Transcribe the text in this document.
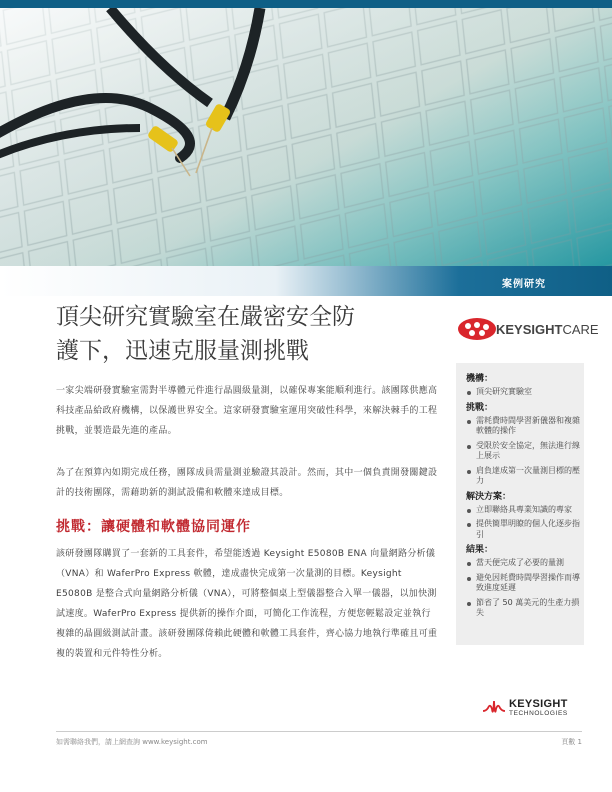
案例研究
頂尖研究實驗室在嚴密安全防
護下，迅速克服量測挑戰
KEYSIGHTCARE

一家尖端研發實驗室需對半導體元件進行晶圓級量測，以確保專案能順利進行。該團隊供應高科技產品給政府機構，以保護世界安全。這家研發實驗室運用突破性科學，來解決棘手的工程挑戰，並製造最先進的產品。

為了在預算內如期完成任務，團隊成員需量測並驗證其設計。然而，其中一個負責開發關鍵設計的技術團隊，需藉助新的測試設備和軟體來達成目標。

挑戰：讓硬體和軟體協同運作

該研發團隊購買了一套新的工具套件，希望能透過 Keysight E5080B ENA 向量網路分析儀（VNA）和 WaferPro Express 軟體，達成盡快完成第一次量測的目標。Keysight E5080B 是整合式向量網路分析儀（VNA），可將整個桌上型儀器整合入單一儀器，以加快測試速度。WaferPro Express 提供新的操作介面，可簡化工作流程，方便您輕鬆設定並執行複雜的晶圓級測試計畫。該研發團隊倚賴此硬體和軟體工具套件，齊心協力地執行準確且可重複的裝置和元件特性分析。

機構：
頂尖研究實驗室
挑戰：
需耗費時間學習新儀器和複雜軟體的操作
受限於安全協定，無法進行線上展示
肩負達成第一次量測目標的壓力
解決方案：
立即聯絡具專業知識的專家
提供簡單明瞭的個人化逐步指引
結果：
當天便完成了必要的量測
避免因耗費時間學習操作而導致進度延遲
節省了 50 萬美元的生產力損失
KEYSIGHT
TECHNOLOGIES
如需聯絡我們，請上網查詢 www.keysight.com	頁數 1
